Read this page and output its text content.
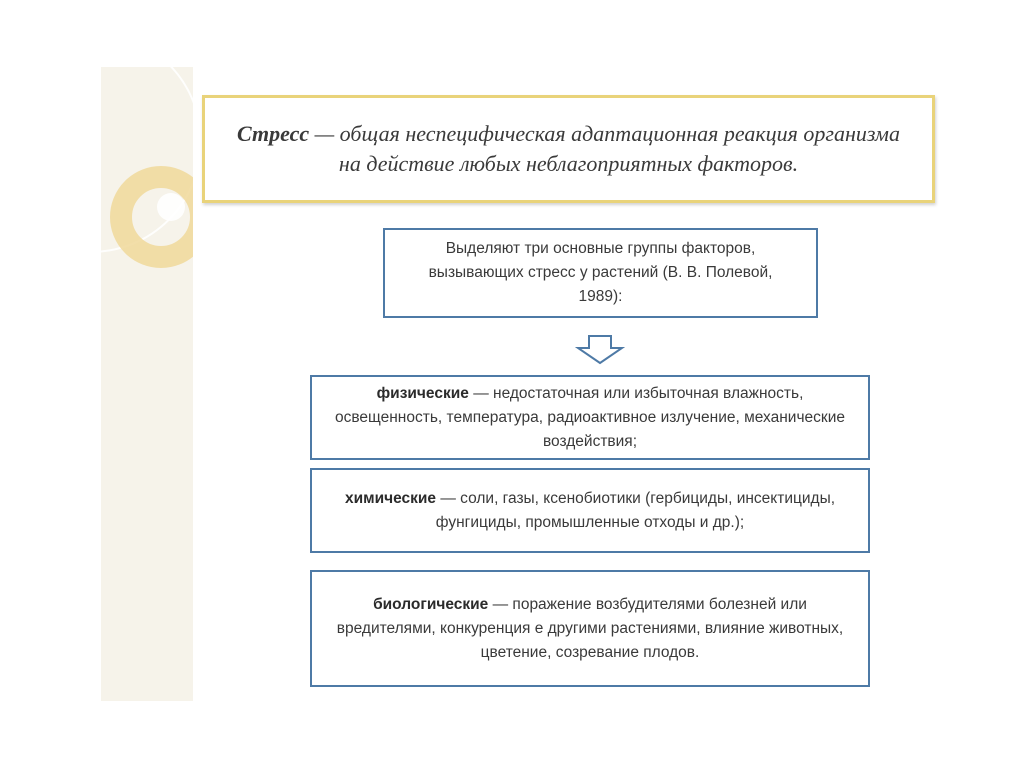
Стресс — общая неспецифическая адаптационная реакция организма на действие любых неблагоприятных факторов.
Выделяют три основные группы факторов, вызывающих стресс у растений (В. В. Полевой, 1989):
физические — недостаточная или избыточная влажность, освещенность, температура, радиоактивное излучение, механические воздействия;
химические — соли, газы, ксенобиотики (гербициды, инсектициды, фунгициды, промышленные отходы и др.);
биологические — поражение возбудителями болезней или вредителями, конкуренция е другими растениями, влияние животных, цветение, созревание плодов.
